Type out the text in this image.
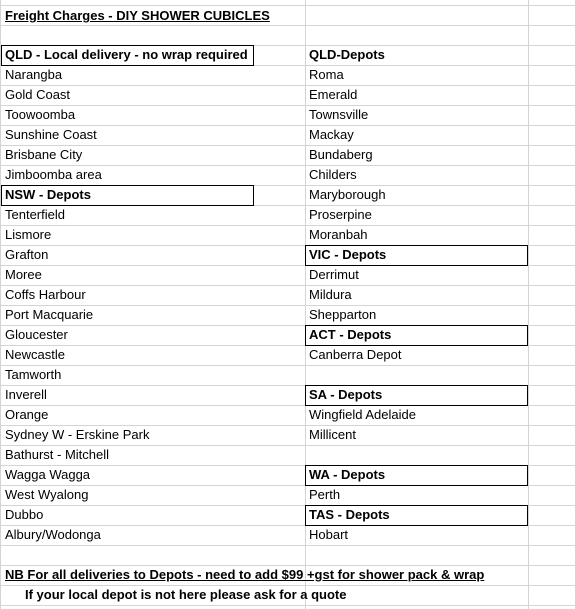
Freight Charges - DIY SHOWER CUBICLES
QLD - Local delivery - no wrap required	QLD-Depots
Narangba
Gold Coast
Toowoomba
Sunshine Coast
Brisbane City
Jimboomba area
Tenterfield
Lismore
Grafton
Moree
Coffs Harbour
Port Macquarie
Gloucester
Newcastle
Tamworth
Inverell
Orange
Sydney W - Erskine Park
Bathurst - Mitchell
Wagga Wagga
West Wyalong
Dubbo
Albury/Wodonga
Roma
Emerald
Townsville
Mackay
Bundaberg
Childers
Maryborough
Proserpine
Moranbah
Derrimut
Mildura
Shepparton
Canberra Depot
Wingfield Adelaide
Millicent
Perth
Hobart
NSW - Depots
VIC - Depots
ACT - Depots
SA - Depots
WA - Depots
TAS - Depots
NB For all deliveries to Depots - need to add $99 +gst for shower pack & wrap
If your local depot is not here please ask for a quote
